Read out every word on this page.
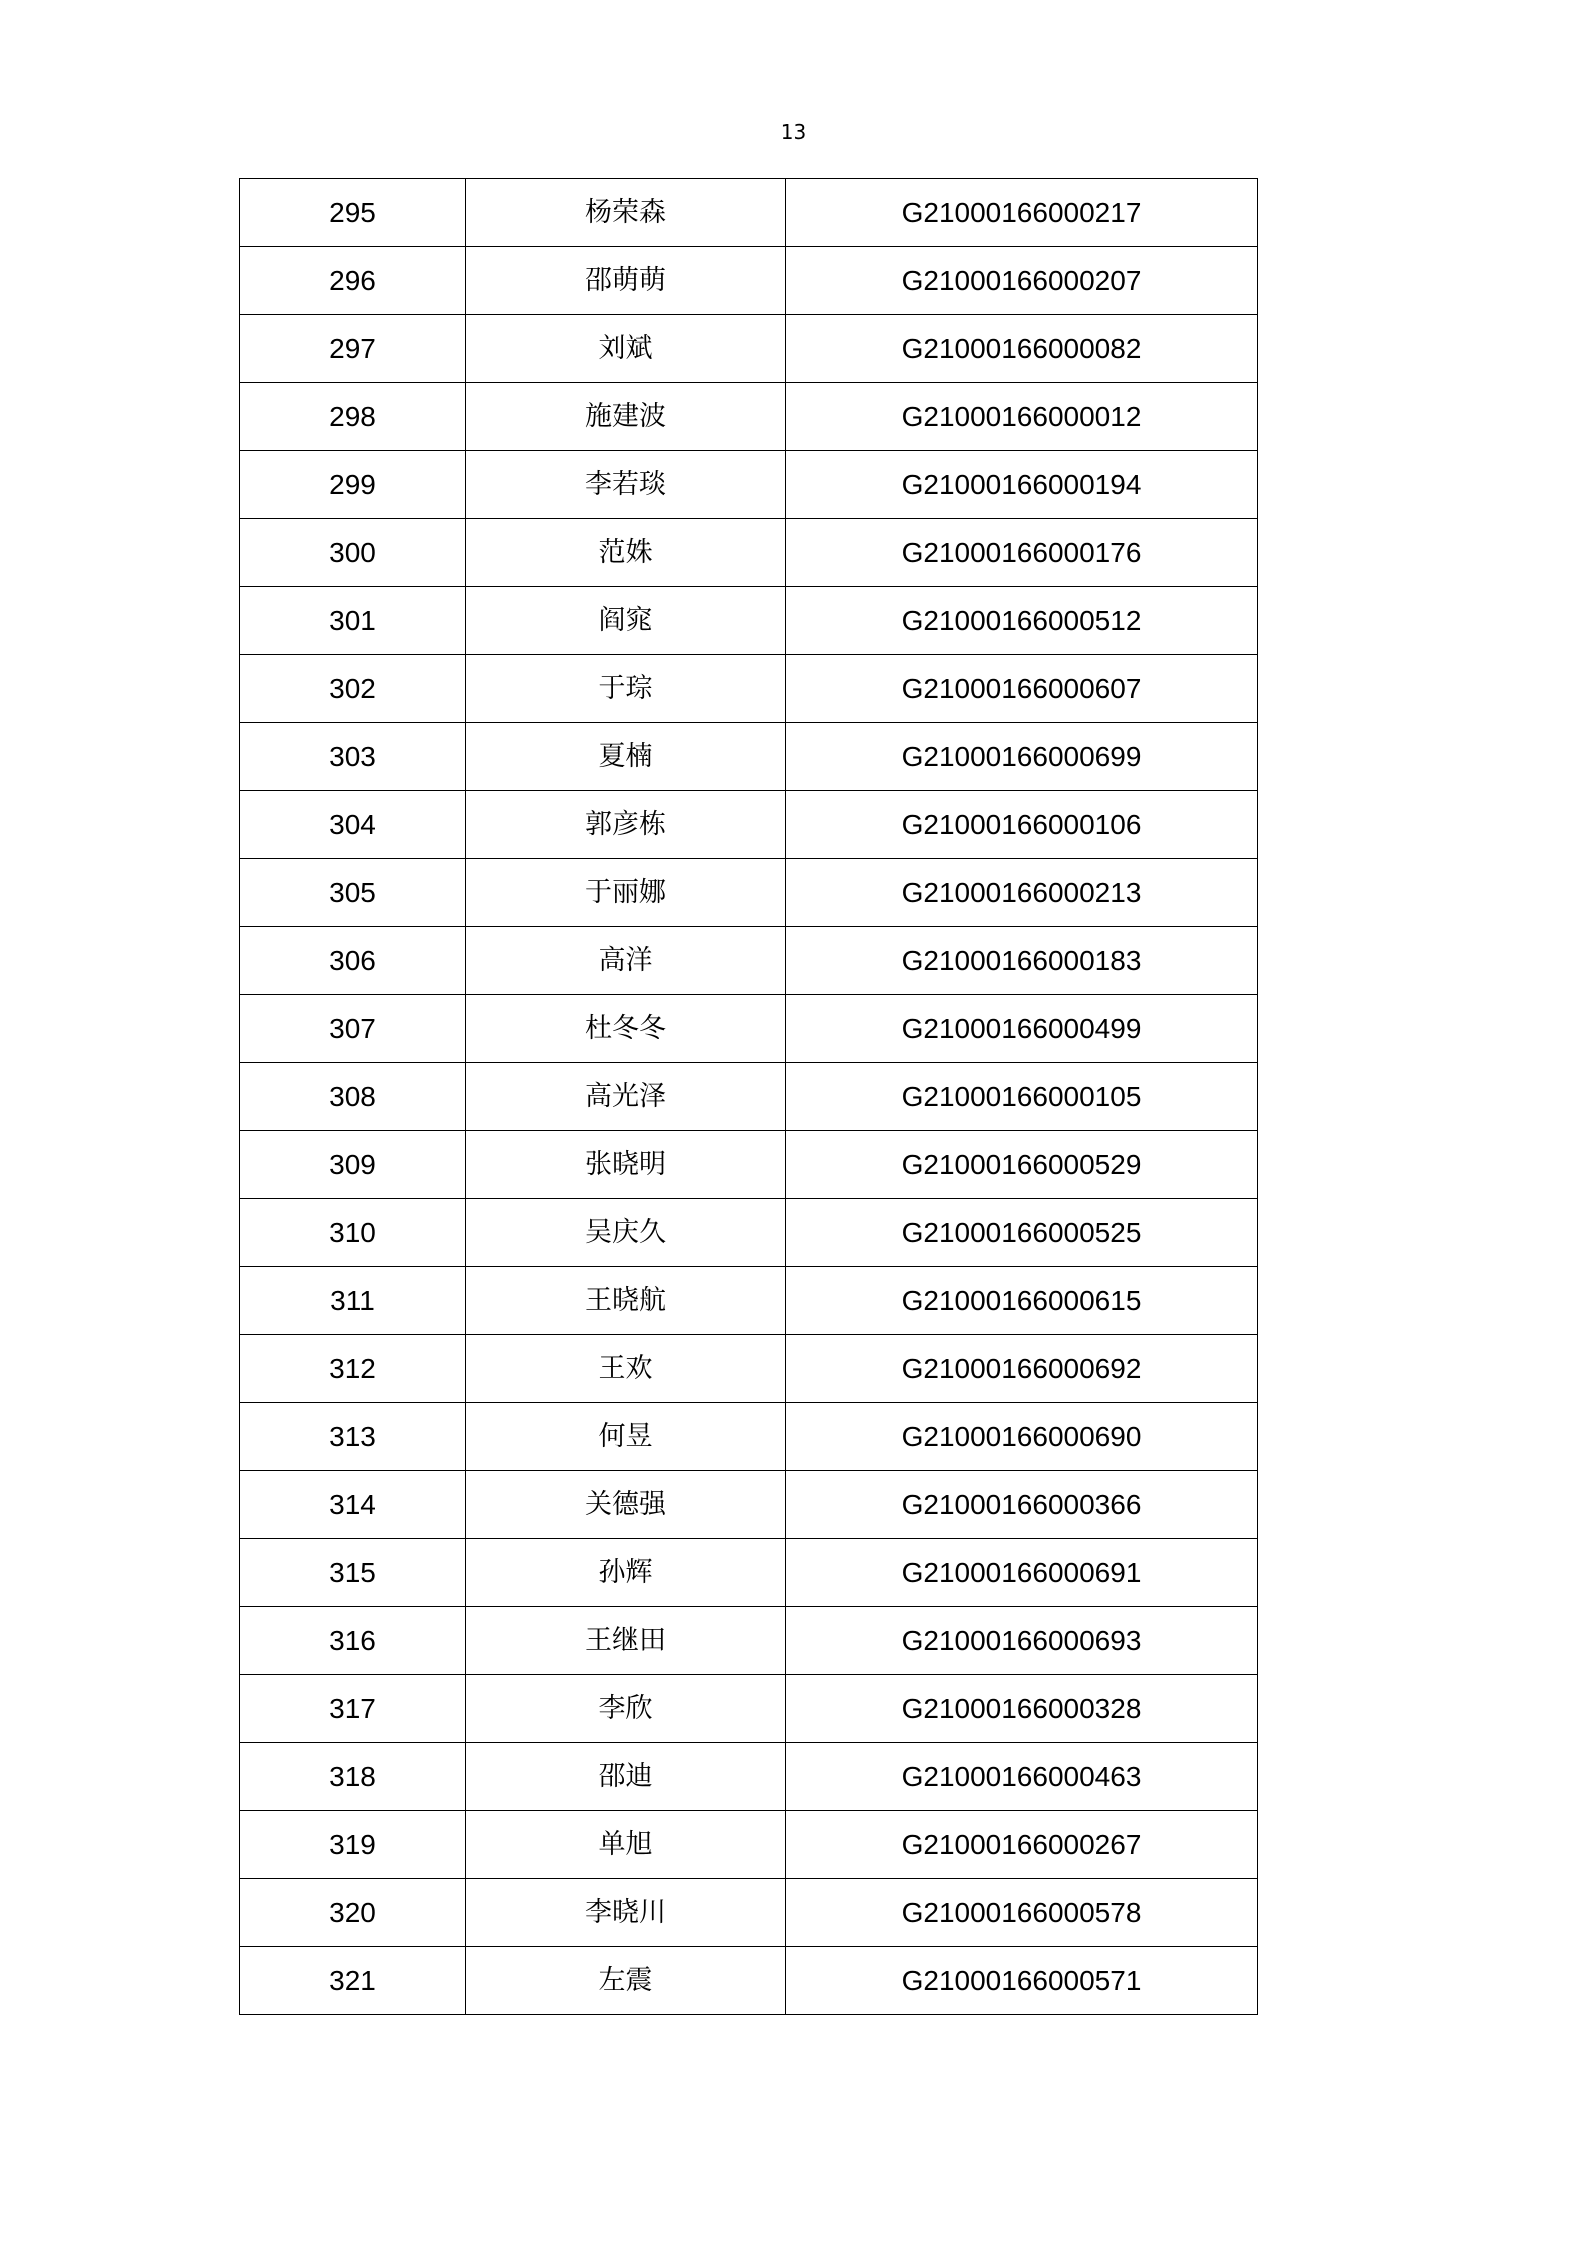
13
295	杨荣森	G21000166000217
296	邵萌萌	G21000166000207
297	刘斌	G21000166000082
298	施建波	G21000166000012
299	李若琰	G21000166000194
300	范姝	G21000166000176
301	阎窕	G21000166000512
302	于琮	G21000166000607
303	夏楠	G21000166000699
304	郭彦栋	G21000166000106
305	于丽娜	G21000166000213
306	高洋	G21000166000183
307	杜冬冬	G21000166000499
308	高光泽	G21000166000105
309	张晓明	G21000166000529
310	吴庆久	G21000166000525
311	王晓航	G21000166000615
312	王欢	G21000166000692
313	何昱	G21000166000690
314	关德强	G21000166000366
315	孙辉	G21000166000691
316	王继田	G21000166000693
317	李欣	G21000166000328
318	邵迪	G21000166000463
319	单旭	G21000166000267
320	李晓川	G21000166000578
321	左震	G21000166000571
